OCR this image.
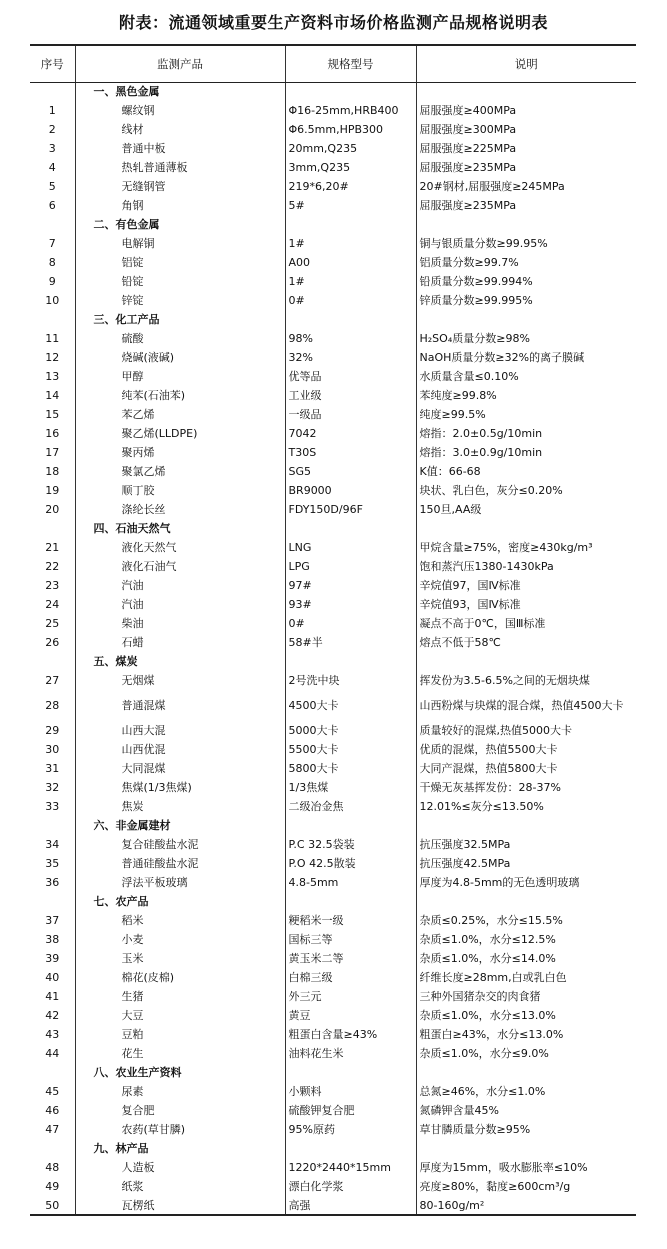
附表：流通领域重要生产资料市场价格监测产品规格说明表
序号	监测产品	规格型号	说明
	一、黑色金属		
1	螺纹钢	Φ16-25mm,HRB400	屈服强度≥400MPa
2	线材	Φ6.5mm,HPB300	屈服强度≥300MPa
3	普通中板	20mm,Q235	屈服强度≥225MPa
4	热轧普通薄板	3mm,Q235	屈服强度≥235MPa
5	无缝钢管	219*6,20#	20#钢材,屈服强度≥245MPa
6	角钢	5#	屈服强度≥235MPa
	二、有色金属		
7	电解铜	1#	铜与银质量分数≥99.95%
8	铝锭	A00	铝质量分数≥99.7%
9	铅锭	1#	铅质量分数≥99.994%
10	锌锭	0#	锌质量分数≥99.995%
	三、化工产品		
11	硫酸	98%	H₂SO₄质量分数≥98%
12	烧碱(液碱)	32%	NaOH质量分数≥32%的离子膜碱
13	甲醇	优等品	水质量含量≤0.10%
14	纯苯(石油苯)	工业级	苯纯度≥99.8%
15	苯乙烯	一级品	纯度≥99.5%
16	聚乙烯(LLDPE)	7042	熔指：2.0±0.5g/10min
17	聚丙烯	T30S	熔指：3.0±0.9g/10min
18	聚氯乙烯	SG5	K值：66-68
19	顺丁胶	BR9000	块状、乳白色，灰分≤0.20%
20	涤纶长丝	FDY150D/96F	150旦,AA级
	四、石油天然气		
21	液化天然气	LNG	甲烷含量≥75%，密度≥430kg/m³
22	液化石油气	LPG	饱和蒸汽压1380-1430kPa
23	汽油	97#	辛烷值97，国Ⅳ标准
24	汽油	93#	辛烷值93，国Ⅳ标准
25	柴油	0#	凝点不高于0℃，国Ⅲ标准
26	石蜡	58#半	熔点不低于58℃
	五、煤炭		
27	无烟煤	2号洗中块	挥发份为3.5-6.5%之间的无烟块煤
28	普通混煤	4500大卡	山西粉煤与块煤的混合煤，热值4500大卡
29	山西大混	5000大卡	质量较好的混煤,热值5000大卡
30	山西优混	5500大卡	优质的混煤，热值5500大卡
31	大同混煤	5800大卡	大同产混煤，热值5800大卡
32	焦煤(1/3焦煤)	1/3焦煤	干燥无灰基挥发份：28-37%
33	焦炭	二级冶金焦	12.01%≤灰分≤13.50%
	六、非金属建材		
34	复合硅酸盐水泥	P.C 32.5袋装	抗压强度32.5MPa
35	普通硅酸盐水泥	P.O 42.5散装	抗压强度42.5MPa
36	浮法平板玻璃	4.8-5mm	厚度为4.8-5mm的无色透明玻璃
	七、农产品		
37	稻米	粳稻米一级	杂质≤0.25%，水分≤15.5%
38	小麦	国标三等	杂质≤1.0%，水分≤12.5%
39	玉米	黄玉米二等	杂质≤1.0%，水分≤14.0%
40	棉花(皮棉)	白棉三级	纤维长度≥28mm,白或乳白色
41	生猪	外三元	三种外国猪杂交的肉食猪
42	大豆	黄豆	杂质≤1.0%，水分≤13.0%
43	豆粕	粗蛋白含量≥43%	粗蛋白≥43%，水分≤13.0%
44	花生	油料花生米	杂质≤1.0%，水分≤9.0%
	八、农业生产资料		
45	尿素	小颗料	总氮≥46%，水分≤1.0%
46	复合肥	硫酸钾复合肥	氮磷钾含量45%
47	农药(草甘膦)	95%原药	草甘膦质量分数≥95%
	九、林产品		
48	人造板	1220*2440*15mm	厚度为15mm，吸水膨胀率≤10%
49	纸浆	漂白化学浆	亮度≥80%，黏度≥600cm³/g
50	瓦楞纸	高强	80-160g/m²
